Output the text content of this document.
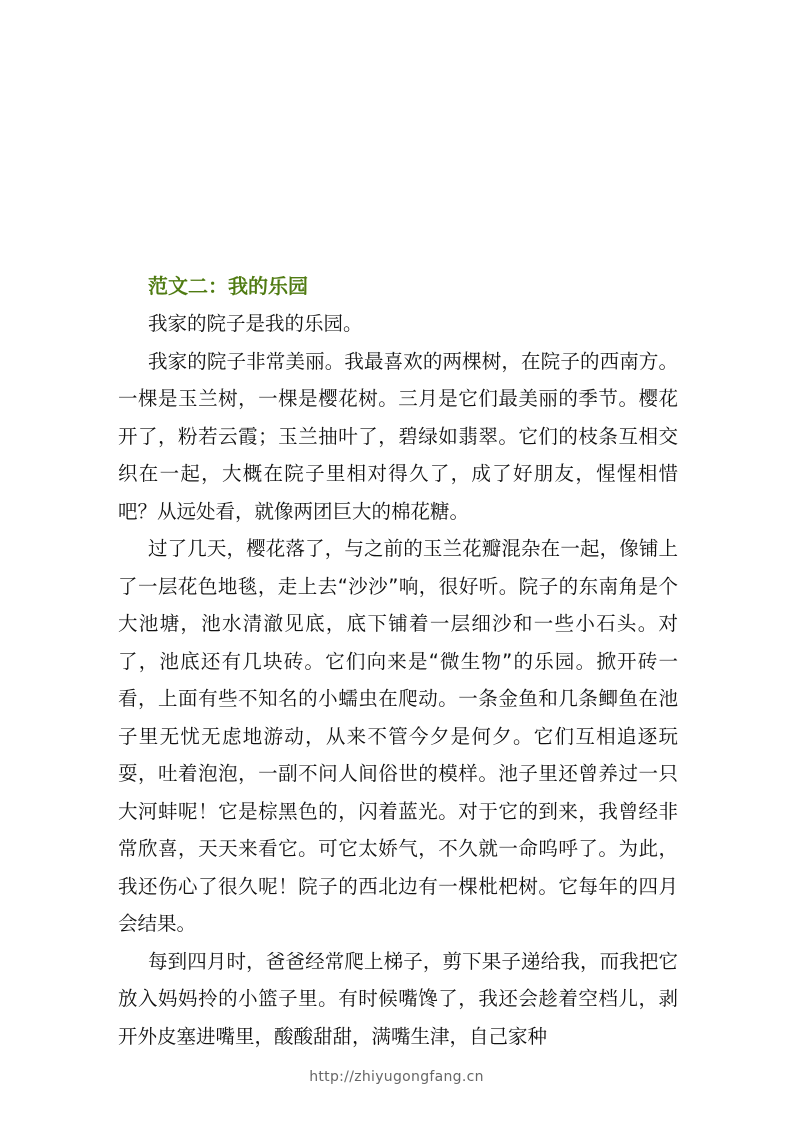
范文二：我的乐园

我家的院子是我的乐园。

我家的院子非常美丽。我最喜欢的两棵树，在院子的西南方。一棵是玉兰树，一棵是樱花树。三月是它们最美丽的季节。樱花开了，粉若云霞；玉兰抽叶了，碧绿如翡翠。它们的枝条互相交织在一起，大概在院子里相对得久了，成了好朋友，惺惺相惜吧？从远处看，就像两团巨大的棉花糖。

过了几天，樱花落了，与之前的玉兰花瓣混杂在一起，像铺上了一层花色地毯，走上去“沙沙”响，很好听。院子的东南角是个大池塘，池水清澈见底，底下铺着一层细沙和一些小石头。对了，池底还有几块砖。它们向来是“微生物”的乐园。掀开砖一看，上面有些不知名的小蠕虫在爬动。一条金鱼和几条鲫鱼在池子里无忧无虑地游动，从来不管今夕是何夕。它们互相追逐玩耍，吐着泡泡，一副不问人间俗世的模样。池子里还曾养过一只大河蚌呢！它是棕黑色的，闪着蓝光。对于它的到来，我曾经非常欣喜，天天来看它。可它太娇气，不久就一命呜呼了。为此，我还伤心了很久呢！院子的西北边有一棵枇杷树。它每年的四月会结果。

每到四月时，爸爸经常爬上梯子，剪下果子递给我，而我把它放入妈妈拎的小篮子里。有时候嘴馋了，我还会趁着空档儿，剥开外皮塞进嘴里，酸酸甜甜，满嘴生津，自己家种

http://zhiyugongfang.cn
